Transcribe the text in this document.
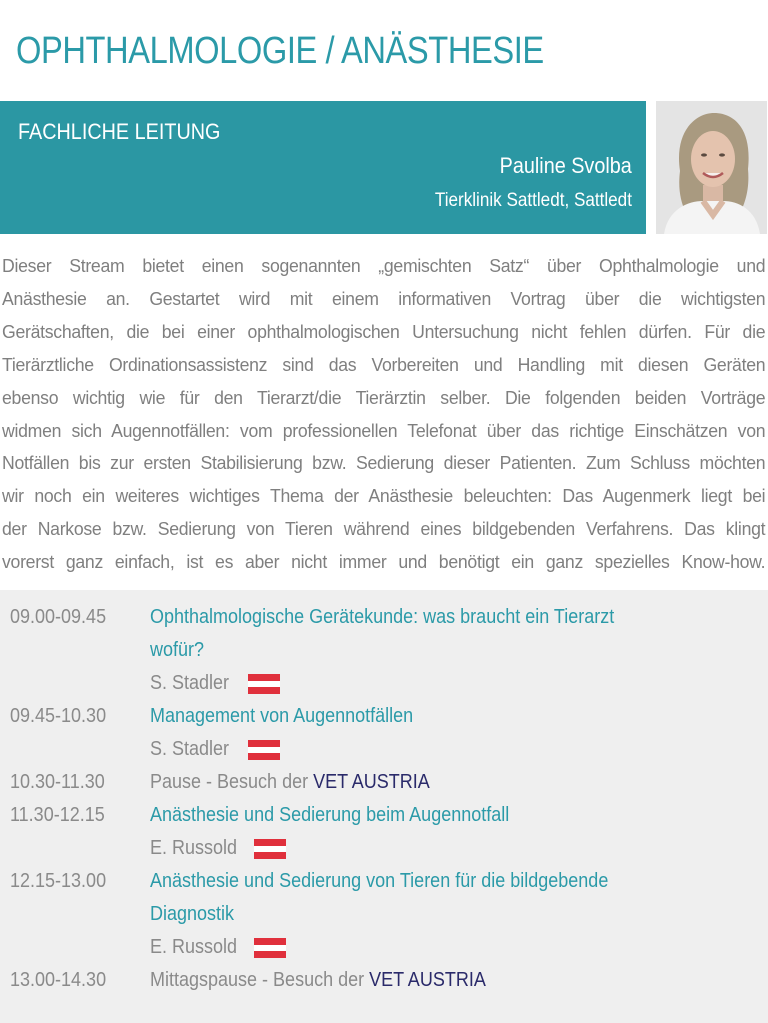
OPHTHALMOLOGIE / ANÄSTHESIE
FACHLICHE LEITUNG
Pauline Svolba
Tierklinik Sattledt, Sattledt
Dieser Stream bietet einen sogenannten „gemischten Satz“ über Ophthalmologie und
Anästhesie an. Gestartet wird mit einem informativen Vortrag über die wichtigsten
Gerätschaften, die bei einer ophthalmologischen Untersuchung nicht fehlen dürfen. Für die
Tierärztliche Ordinationsassistenz sind das Vorbereiten und Handling mit diesen Geräten
ebenso wichtig wie für den Tierarzt/die Tierärztin selber. Die folgenden beiden Vorträge
widmen sich Augennotfällen: vom professionellen Telefonat über das richtige Einschätzen von
Notfällen bis zur ersten Stabilisierung bzw. Sedierung dieser Patienten. Zum Schluss möchten
wir noch ein weiteres wichtiges Thema der Anästhesie beleuchten: Das Augenmerk liegt bei
der Narkose bzw. Sedierung von Tieren während eines bildgebenden Verfahrens. Das klingt
vorerst ganz einfach, ist es aber nicht immer und benötigt ein ganz spezielles Know-how.
09.00-09.45 Ophthalmologische Gerätekunde: was braucht ein Tierarzt
wofür?
S. Stadler
09.45-10.30 Management von Augennotfällen
S. Stadler
10.30-11.30 Pause - Besuch der VET AUSTRIA
11.30-12.15 Anästhesie und Sedierung beim Augennotfall
E. Russold
12.15-13.00 Anästhesie und Sedierung von Tieren für die bildgebende
Diagnostik
E. Russold
13.00-14.30 Mittagspause - Besuch der VET AUSTRIA
